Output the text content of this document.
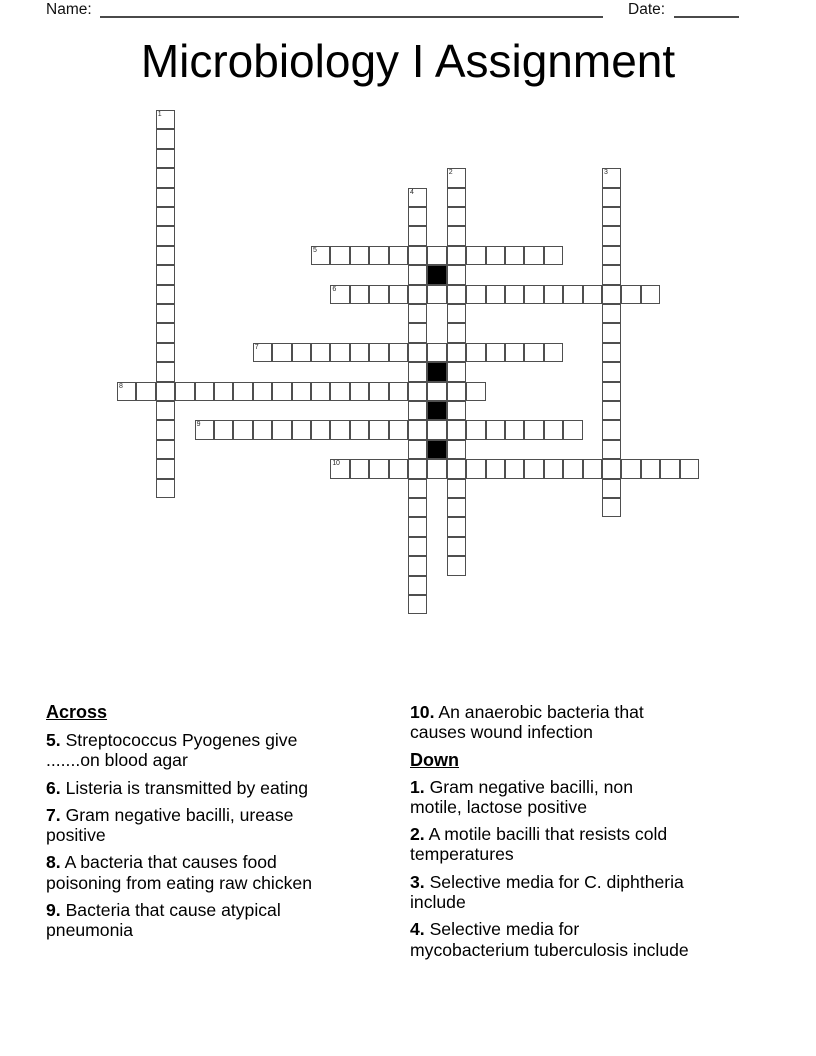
Name:	Date:
Microbiology I Assignment
1
2	3
4
5
6
7
8
9
10
Across
5. Streptococcus Pyogenes give
.......on blood agar
6. Listeria is transmitted by eating
7. Gram negative bacilli, urease
positive
8. A bacteria that causes food
poisoning from eating raw chicken
9. Bacteria that cause atypical
pneumonia
10. An anaerobic bacteria that
causes wound infection
Down
1. Gram negative bacilli, non
motile, lactose positive
2. A motile bacilli that resists cold
temperatures
3. Selective media for C. diphtheria
include
4. Selective media for
mycobacterium tuberculosis include
